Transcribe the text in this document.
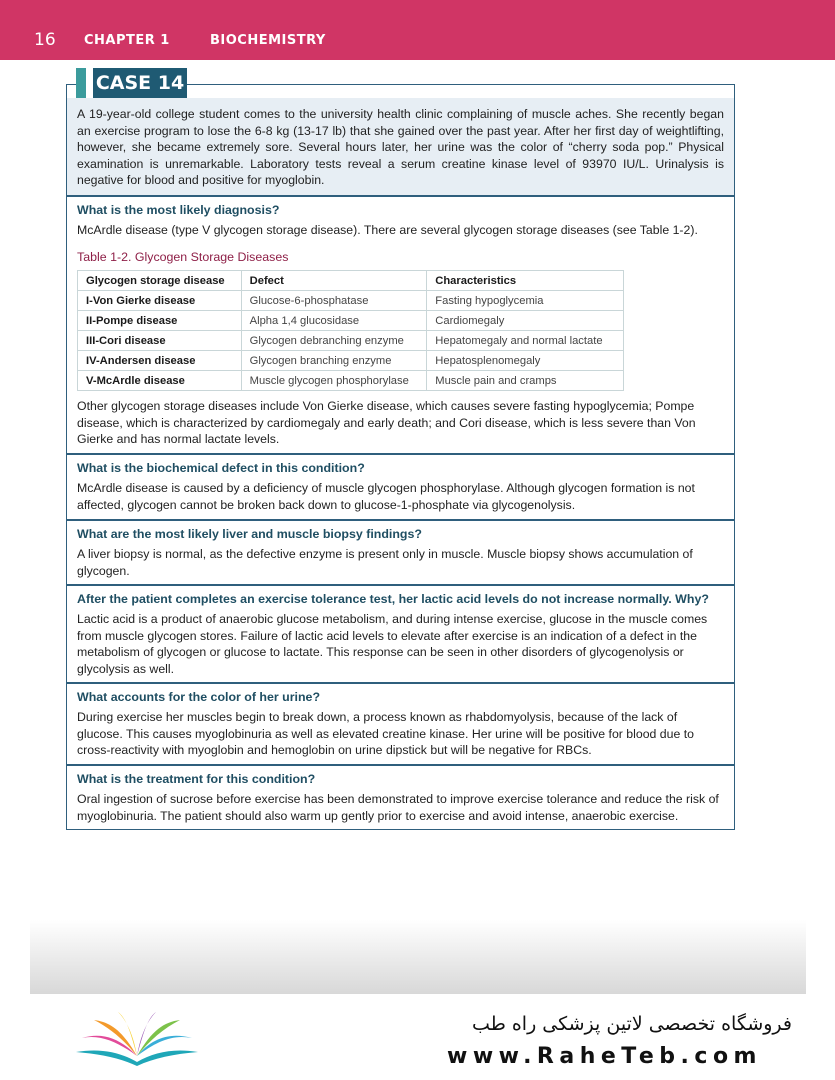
16 CHAPTER 1	BIOCHEMISTRY
CASE 14
A 19-year-old college student comes to the university health clinic complaining of muscle aches. She recently began an exercise program to lose the 6-8 kg (13-17 lb) that she gained over the past year. After her first day of weightlifting, however, she became extremely sore. Several hours later, her urine was the color of “cherry soda pop.” Physical examination is unremarkable. Laboratory tests reveal a serum creatine kinase level of 93970 IU/L. Urinalysis is negative for blood and positive for myoglobin.

What is the most likely diagnosis?

McArdle disease (type V glycogen storage disease). There are several glycogen storage diseases (see Table 1-2).

Table 1-2. Glycogen Storage Diseases
Glycogen storage disease	Defect	Characteristics
I-Von Gierke disease	Glucose-6-phosphatase	Fasting hypoglycemia
II-Pompe disease	Alpha 1,4 glucosidase	Cardiomegaly
III-Cori disease	Glycogen debranching enzyme	Hepatomegaly and normal lactate
IV-Andersen disease	Glycogen branching enzyme	Hepatosplenomegaly
V-McArdle disease	Muscle glycogen phosphorylase	Muscle pain and cramps

Other glycogen storage diseases include Von Gierke disease, which causes severe fasting hypoglycemia; Pompe disease, which is characterized by cardiomegaly and early death; and Cori disease, which is less severe than Von Gierke and has normal lactate levels.

What is the biochemical defect in this condition?

McArdle disease is caused by a deficiency of muscle glycogen phosphorylase. Although glycogen formation is not affected, glycogen cannot be broken back down to glucose-1-phosphate via glycogenolysis.

What are the most likely liver and muscle biopsy findings?

A liver biopsy is normal, as the defective enzyme is present only in muscle. Muscle biopsy shows accumulation of glycogen.

After the patient completes an exercise tolerance test, her lactic acid levels do not increase normally. Why?

Lactic acid is a product of anaerobic glucose metabolism, and during intense exercise, glucose in the muscle comes from muscle glycogen stores. Failure of lactic acid levels to elevate after exercise is an indication of a defect in the metabolism of glycogen or glucose to lactate. This response can be seen in other disorders of glycogenolysis or glycolysis as well.

What accounts for the color of her urine?

During exercise her muscles begin to break down, a process known as rhabdomyolysis, because of the lack of glucose. This causes myoglobinuria as well as elevated creatine kinase. Her urine will be positive for blood due to cross-reactivity with myoglobin and hemoglobin on urine dipstick but will be negative for RBCs.

What is the treatment for this condition?

Oral ingestion of sucrose before exercise has been demonstrated to improve exercise tolerance and reduce the risk of myoglobinuria. The patient should also warm up gently prior to exercise and avoid intense, anaerobic exercise.

فروشگاه تخصصی لاتین پزشکی راه طب
www.RaheTeb.com
